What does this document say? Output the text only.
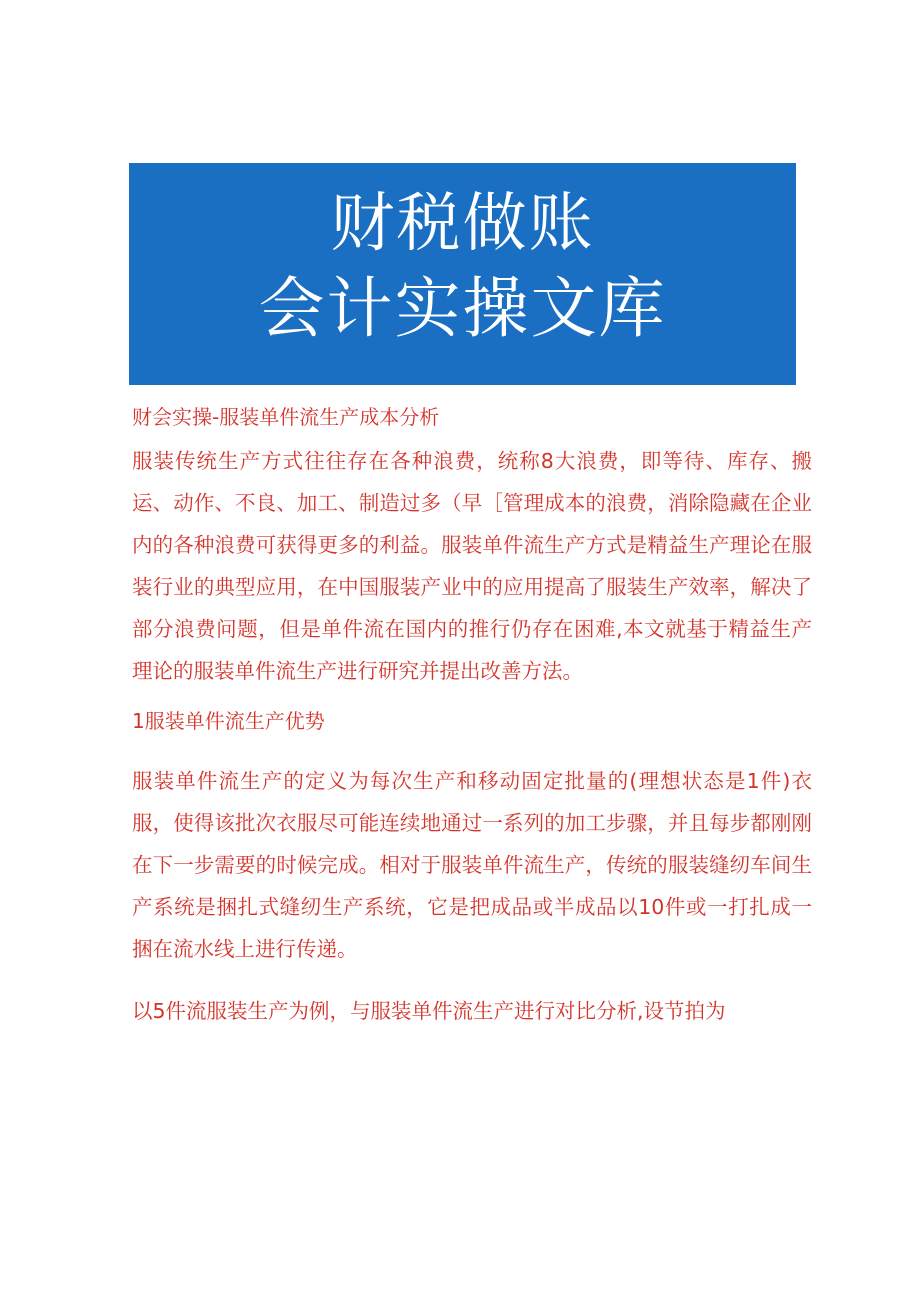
财税做账
会计实操文库
财会实操-服装单件流生产成本分析

服装传统生产方式往往存在各种浪费，统称8大浪费，即等待、库存、搬运、动作、不良、加工、制造过多（早［管理成本的浪费，消除隐藏在企业内的各种浪费可获得更多的利益。服装单件流生产方式是精益生产理论在服装行业的典型应用，在中国服装产业中的应用提高了服装生产效率，解决了部分浪费问题，但是单件流在国内的推行仍存在困难,本文就基于精益生产理论的服装单件流生产进行研究并提出改善方法。

1服装单件流生产优势

服装单件流生产的定义为每次生产和移动固定批量的(理想状态是1件)衣服，使得该批次衣服尽可能连续地通过一系列的加工步骤，并且每步都刚刚在下一步需要的时候完成。相对于服装单件流生产，传统的服装缝纫车间生产系统是捆扎式缝纫生产系统，它是把成品或半成品以10件或一打扎成一捆在流水线上进行传递。

以5件流服装生产为例，与服装单件流生产进行对比分析,设节拍为
